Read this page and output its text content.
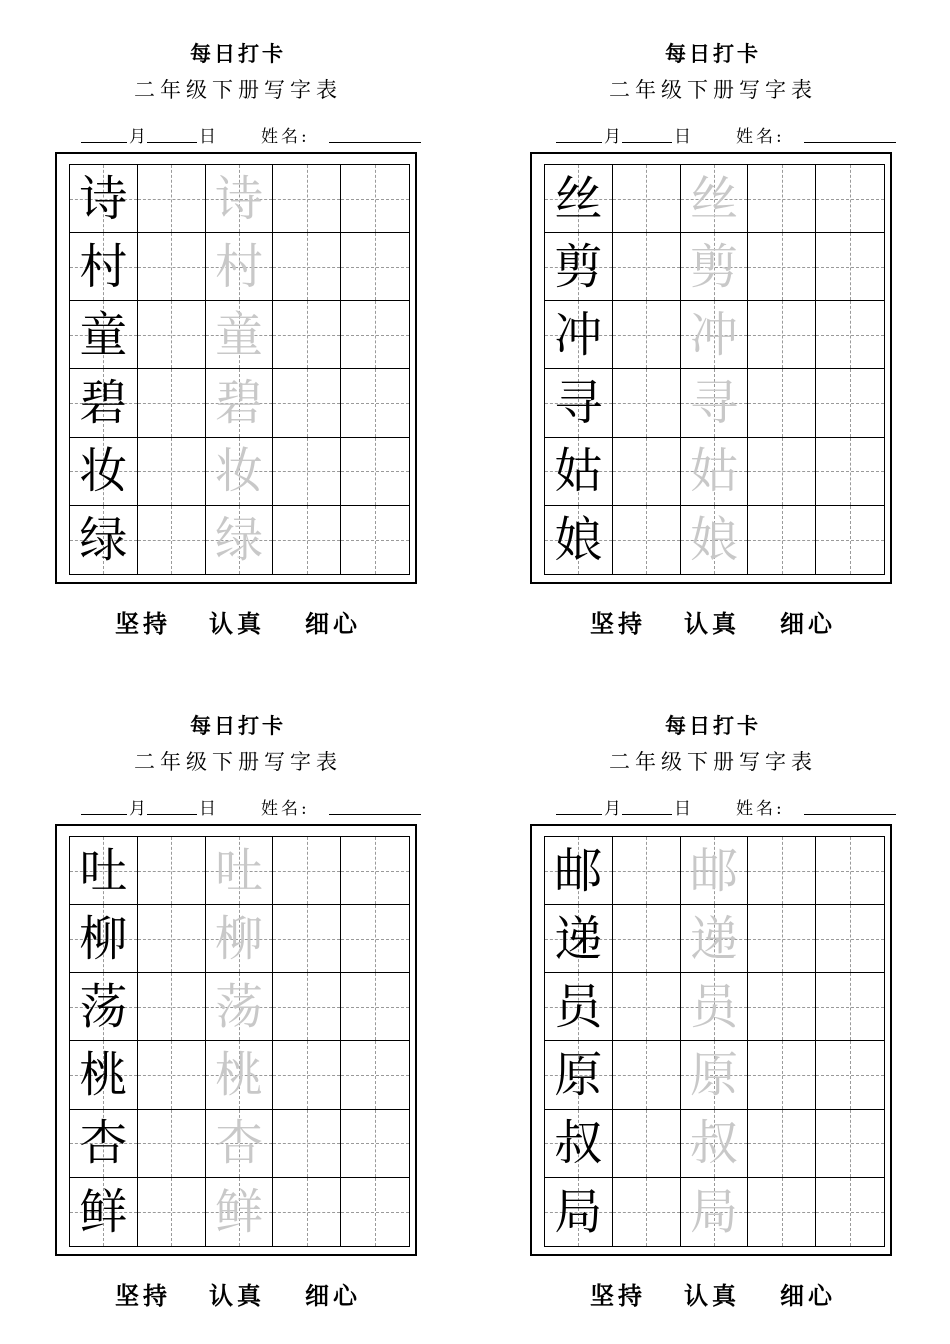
每日打卡
二年级下册写字表
月	日	姓名:
诗 诗
村 村
童 童
碧 碧
妆 妆
绿 绿
坚持 认真 细心
每日打卡
二年级下册写字表
月	日	姓名:
丝 丝
剪 剪
冲 冲
寻 寻
姑 姑
娘 娘
坚持 认真 细心
每日打卡
二年级下册写字表
月	日	姓名:
吐 吐
柳 柳
荡 荡
桃 桃
杏 杏
鲜 鲜
坚持 认真 细心
每日打卡
二年级下册写字表
月	日	姓名:
邮 邮
递 递
员 员
原 原
叔 叔
局 局
坚持 认真 细心
